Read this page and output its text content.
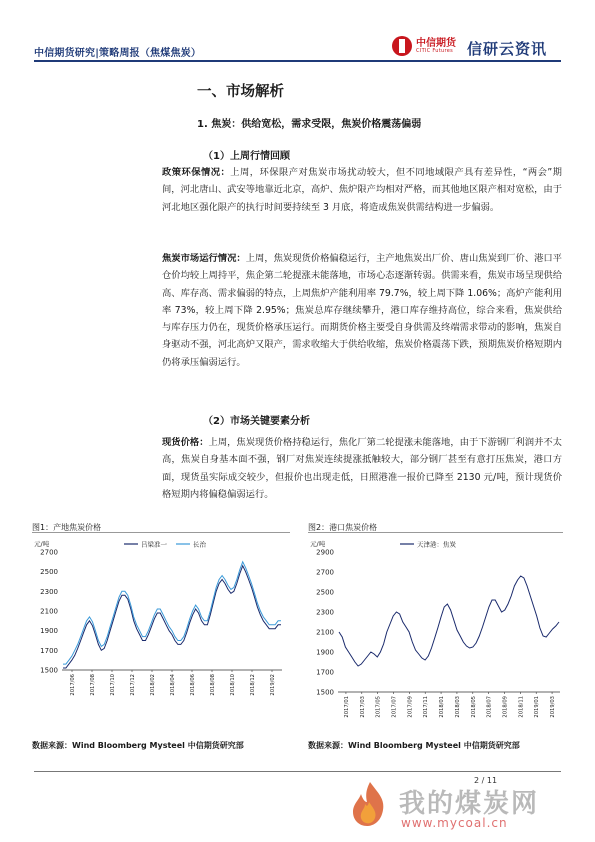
中信期货研究|策略周报（焦煤焦炭）
中信期货
CITIC Futures 信研云资讯
一、市场解析
1. 焦炭：供给宽松，需求受限，焦炭价格震荡偏弱
（1）上周行情回顾
政策环保情况：上周，环保限产对焦炭市场扰动较大，但不同地域限产具有差异性，“两会”期间，河北唐山、武安等地靠近北京，高炉、焦炉限产均相对严格，而其他地区限产相对宽松，由于河北地区强化限产的执行时间要持续至 3 月底，将造成焦炭供需结构进一步偏弱。
焦炭市场运行情况：上周，焦炭现货价格偏稳运行，主产地焦炭出厂价、唐山焦炭到厂价、港口平仓价均较上周持平，焦企第二轮提涨未能落地，市场心态逐渐转弱。供需来看，焦炭市场呈现供给高、库存高、需求偏弱的特点，上周焦炉产能利用率 79.7%，较上周下降 1.06%；高炉产能利用率 73%，较上周下降 2.95%；焦炭总库存继续攀升，港口库存维持高位，综合来看，焦炭供给与库存压力仍在，现货价格承压运行。而期货价格主要受自身供需及终端需求带动的影响，焦炭自身驱动不强，河北高炉又限产，需求收缩大于供给收缩，焦炭价格震荡下跌，预期焦炭价格短期内仍将承压偏弱运行。
（2）市场关键要素分析
现货价格：上周，焦炭现货价格持稳运行，焦化厂第二轮提涨未能落地，由于下游钢厂利润并不太高，焦炭自身基本面不强，钢厂对焦炭连续提涨抵触较大，部分钢厂甚至有意打压焦炭，港口方面，现货虽实际成交较少，但报价也出现走低，日照港准一报价已降至 2130 元/吨，预计现货价格短期内将偏稳偏弱运行。
图1：产地焦炭价格	图2：港口焦炭价格
元/吨
1500
1700
1900
2100
2300
2500
2700
2017/06	2017/08	2017/10	2017/12	2018/02	2018/04	2018/06	2018/08	2018/10	2018/12	2019/02
吕梁准一	长治	元/吨
1500
1700
1900
2100
2300
2500
2700
2900
2017/01 2017/03 2017/05 2017/07 2017/09 2017/11 2018/01 2018/03 2018/05 2018/07 2018/09 2018/11 2019/01 2019/03
天津港：焦炭
数据来源：Wind Bloomberg Mysteel 中信期货研究部	数据来源：Wind Bloomberg Mysteel 中信期货研究部
2 / 11
我的煤炭网
www.mycoal.cn
